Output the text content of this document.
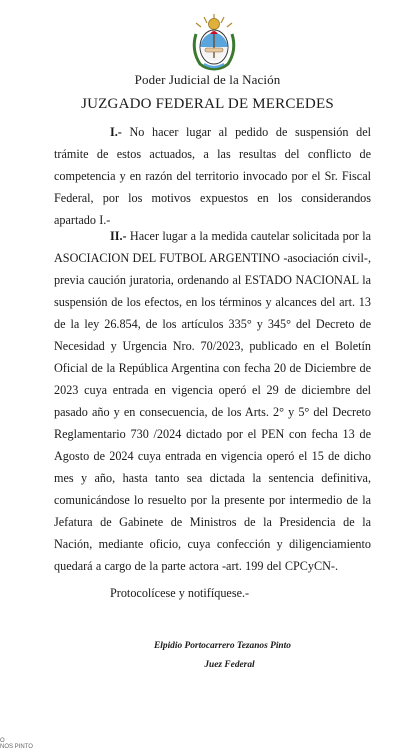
Poder Judicial de la Nación
JUZGADO FEDERAL DE MERCEDES

I.- No hacer lugar al pedido de suspensión del trámite de estos actuados, a las resultas del conflicto de competencia y en razón del territorio invocado por el Sr. Fiscal Federal, por los motivos expuestos en los considerandos apartado I.-

II.- Hacer lugar a la medida cautelar solicitada por la ASOCIACION DEL FUTBOL ARGENTINO -asociación civil-, previa caución juratoria, ordenando al ESTADO NACIONAL la suspensión de los efectos, en los términos y alcances del art. 13 de la ley 26.854, de los artículos 335° y 345° del Decreto de Necesidad y Urgencia Nro. 70/2023, publicado en el Boletín Oficial de la República Argentina con fecha 20 de Diciembre de 2023 cuya entrada en vigencia operó el 29 de diciembre del pasado año y en consecuencia, de los Arts. 2° y 5° del Decreto Reglamentario 730 /2024 dictado por el PEN con fecha 13 de Agosto de 2024 cuya entrada en vigencia operó el 15 de dicho mes y año, hasta tanto sea dictada la sentencia definitiva, comunicándose lo resuelto por la presente por intermedio de la Jefatura de Gabinete de Ministros de la Presidencia de la Nación, mediante oficio, cuya confección y diligenciamiento quedará a cargo de la parte actora -art. 199 del CPCyCN-.

Protocolícese y notifíquese.-
Elpidio Portocarrero Tezanos Pinto
Juez Federal
O
NOS PINTO
